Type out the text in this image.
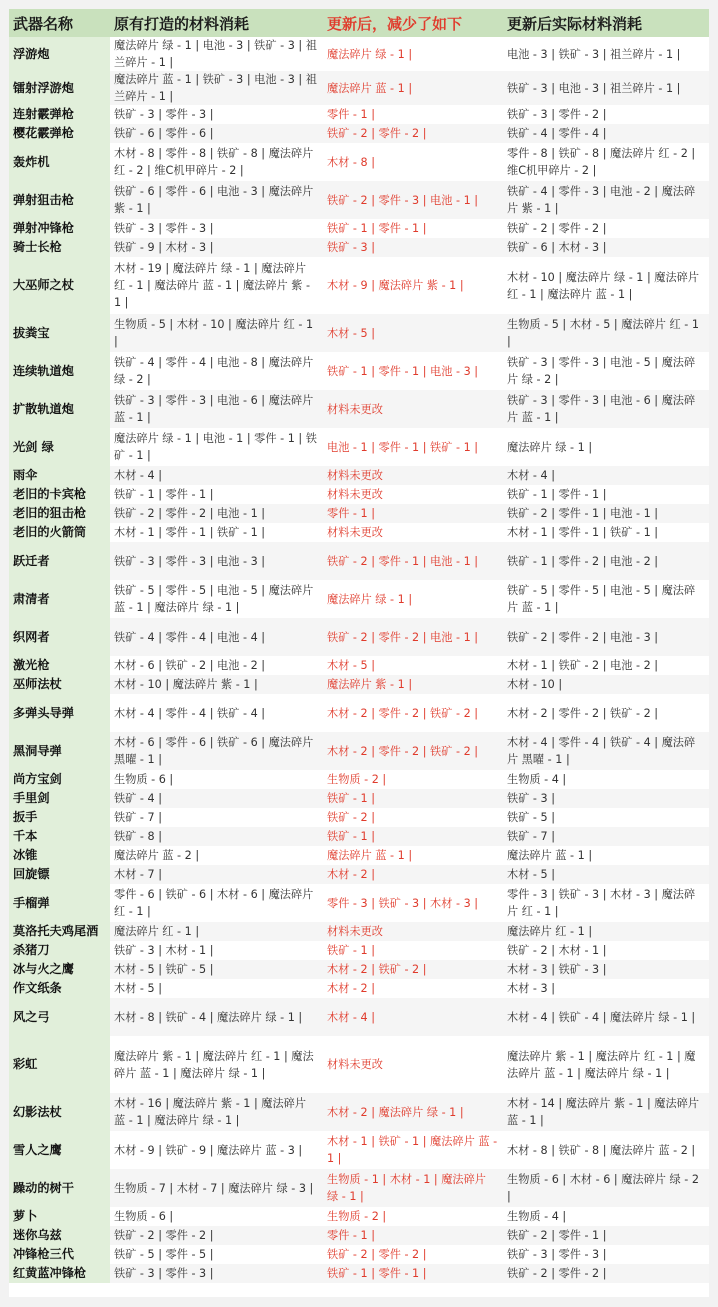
武器名称	原有打造的材料消耗	更新后，减少了如下	更新后实际材料消耗
浮游炮	魔法碎片 绿 - 1 | 电池 - 3 | 铁矿 - 3 | 祖兰碎片 - 1 |	魔法碎片 绿 - 1 |	电池 - 3 | 铁矿 - 3 | 祖兰碎片 - 1 |
镭射浮游炮	魔法碎片 蓝 - 1 | 铁矿 - 3 | 电池 - 3 | 祖兰碎片 - 1 |	魔法碎片 蓝 - 1 |	铁矿 - 3 | 电池 - 3 | 祖兰碎片 - 1 |
连射霰弹枪	铁矿 - 3 | 零件 - 3 |	零件 - 1 |	铁矿 - 3 | 零件 - 2 |
樱花霰弹枪	铁矿 - 6 | 零件 - 6 |	铁矿 - 2 | 零件 - 2 |	铁矿 - 4 | 零件 - 4 |
轰炸机	木材 - 8 | 零件 - 8 | 铁矿 - 8 | 魔法碎片 红 - 2 | 维C机甲碎片 - 2 |	木材 - 8 |	零件 - 8 | 铁矿 - 8 | 魔法碎片 红 - 2 | 维C机甲碎片 - 2 |
弹射狙击枪	铁矿 - 6 | 零件 - 6 | 电池 - 3 | 魔法碎片 紫 - 1 |	铁矿 - 2 | 零件 - 3 | 电池 - 1 |	铁矿 - 4 | 零件 - 3 | 电池 - 2 | 魔法碎片 紫 - 1 |
弹射冲锋枪	铁矿 - 3 | 零件 - 3 |	铁矿 - 1 | 零件 - 1 |	铁矿 - 2 | 零件 - 2 |
骑士长枪	铁矿 - 9 | 木材 - 3 |	铁矿 - 3 |	铁矿 - 6 | 木材 - 3 |
大巫师之杖	木材 - 19 | 魔法碎片 绿 - 1 | 魔法碎片 红 - 1 | 魔法碎片 蓝 - 1 | 魔法碎片 紫 - 1 |	木材 - 9 | 魔法碎片 紫 - 1 |	木材 - 10 | 魔法碎片 绿 - 1 | 魔法碎片 红 - 1 | 魔法碎片 蓝 - 1 |
拔粪宝	生物质 - 5 | 木材 - 10 | 魔法碎片 红 - 1 |	木材 - 5 |	生物质 - 5 | 木材 - 5 | 魔法碎片 红 - 1 |
连续轨道炮	铁矿 - 4 | 零件 - 4 | 电池 - 8 | 魔法碎片 绿 - 2 |	铁矿 - 1 | 零件 - 1 | 电池 - 3 |	铁矿 - 3 | 零件 - 3 | 电池 - 5 | 魔法碎片 绿 - 2 |
扩散轨道炮	铁矿 - 3 | 零件 - 3 | 电池 - 6 | 魔法碎片 蓝 - 1 |	材料未更改	铁矿 - 3 | 零件 - 3 | 电池 - 6 | 魔法碎片 蓝 - 1 |
光剑 绿	魔法碎片 绿 - 1 | 电池 - 1 | 零件 - 1 | 铁矿 - 1 |	电池 - 1 | 零件 - 1 | 铁矿 - 1 |	魔法碎片 绿 - 1 |
雨伞	木材 - 4 |	材料未更改	木材 - 4 |
老旧的卡宾枪	铁矿 - 1 | 零件 - 1 |	材料未更改	铁矿 - 1 | 零件 - 1 |
老旧的狙击枪	铁矿 - 2 | 零件 - 2 | 电池 - 1 |	零件 - 1 |	铁矿 - 2 | 零件 - 1 | 电池 - 1 |
老旧的火箭筒	木材 - 1 | 零件 - 1 | 铁矿 - 1 |	材料未更改	木材 - 1 | 零件 - 1 | 铁矿 - 1 |
跃迁者	铁矿 - 3 | 零件 - 3 | 电池 - 3 |	铁矿 - 2 | 零件 - 1 | 电池 - 1 |	铁矿 - 1 | 零件 - 2 | 电池 - 2 |
肃清者	铁矿 - 5 | 零件 - 5 | 电池 - 5 | 魔法碎片 蓝 - 1 | 魔法碎片 绿 - 1 |	魔法碎片 绿 - 1 |	铁矿 - 5 | 零件 - 5 | 电池 - 5 | 魔法碎片 蓝 - 1 |
织网者	铁矿 - 4 | 零件 - 4 | 电池 - 4 |	铁矿 - 2 | 零件 - 2 | 电池 - 1 |	铁矿 - 2 | 零件 - 2 | 电池 - 3 |
激光枪	木材 - 6 | 铁矿 - 2 | 电池 - 2 |	木材 - 5 |	木材 - 1 | 铁矿 - 2 | 电池 - 2 |
巫师法杖	木材 - 10 | 魔法碎片 紫 - 1 |	魔法碎片 紫 - 1 |	木材 - 10 |
多弹头导弹	木材 - 4 | 零件 - 4 | 铁矿 - 4 |	木材 - 2 | 零件 - 2 | 铁矿 - 2 |	木材 - 2 | 零件 - 2 | 铁矿 - 2 |
黑洞导弹	木材 - 6 | 零件 - 6 | 铁矿 - 6 | 魔法碎片 黑曜 - 1 |	木材 - 2 | 零件 - 2 | 铁矿 - 2 |	木材 - 4 | 零件 - 4 | 铁矿 - 4 | 魔法碎片 黑曜 - 1 |
尚方宝剑	生物质 - 6 |	生物质 - 2 |	生物质 - 4 |
手里剑	铁矿 - 4 |	铁矿 - 1 |	铁矿 - 3 |
扳手	铁矿 - 7 |	铁矿 - 2 |	铁矿 - 5 |
千本	铁矿 - 8 |	铁矿 - 1 |	铁矿 - 7 |
冰锥	魔法碎片 蓝 - 2 |	魔法碎片 蓝 - 1 |	魔法碎片 蓝 - 1 |
回旋镖	木材 - 7 |	木材 - 2 |	木材 - 5 |
手榴弹	零件 - 6 | 铁矿 - 6 | 木材 - 6 | 魔法碎片 红 - 1 |	零件 - 3 | 铁矿 - 3 | 木材 - 3 |	零件 - 3 | 铁矿 - 3 | 木材 - 3 | 魔法碎片 红 - 1 |
莫洛托夫鸡尾酒	魔法碎片 红 - 1 |	材料未更改	魔法碎片 红 - 1 |
杀猪刀	铁矿 - 3 | 木材 - 1 |	铁矿 - 1 |	铁矿 - 2 | 木材 - 1 |
冰与火之鹰	木材 - 5 | 铁矿 - 5 |	木材 - 2 | 铁矿 - 2 |	木材 - 3 | 铁矿 - 3 |
作文纸条	木材 - 5 |	木材 - 2 |	木材 - 3 |
风之弓	木材 - 8 | 铁矿 - 4 | 魔法碎片 绿 - 1 |	木材 - 4 |	木材 - 4 | 铁矿 - 4 | 魔法碎片 绿 - 1 |
彩虹	魔法碎片 紫 - 1 | 魔法碎片 红 - 1 | 魔法碎片 蓝 - 1 | 魔法碎片 绿 - 1 |	材料未更改	魔法碎片 紫 - 1 | 魔法碎片 红 - 1 | 魔法碎片 蓝 - 1 | 魔法碎片 绿 - 1 |
幻影法杖	木材 - 16 | 魔法碎片 紫 - 1 | 魔法碎片 蓝 - 1 | 魔法碎片 绿 - 1 |	木材 - 2 | 魔法碎片 绿 - 1 |	木材 - 14 | 魔法碎片 紫 - 1 | 魔法碎片 蓝 - 1 |
雪人之鹰	木材 - 9 | 铁矿 - 9 | 魔法碎片 蓝 - 3 |	木材 - 1 | 铁矿 - 1 | 魔法碎片 蓝 - 1 |	木材 - 8 | 铁矿 - 8 | 魔法碎片 蓝 - 2 |
躁动的树干	生物质 - 7 | 木材 - 7 | 魔法碎片 绿 - 3 |	生物质 - 1 | 木材 - 1 | 魔法碎片 绿 - 1 |	生物质 - 6 | 木材 - 6 | 魔法碎片 绿 - 2 |
萝卜	生物质 - 6 |	生物质 - 2 |	生物质 - 4 |
迷你乌兹	铁矿 - 2 | 零件 - 2 |	零件 - 1 |	铁矿 - 2 | 零件 - 1 |
冲锋枪三代	铁矿 - 5 | 零件 - 5 |	铁矿 - 2 | 零件 - 2 |	铁矿 - 3 | 零件 - 3 |
红黄蓝冲锋枪	铁矿 - 3 | 零件 - 3 |	铁矿 - 1 | 零件 - 1 |	铁矿 - 2 | 零件 - 2 |
